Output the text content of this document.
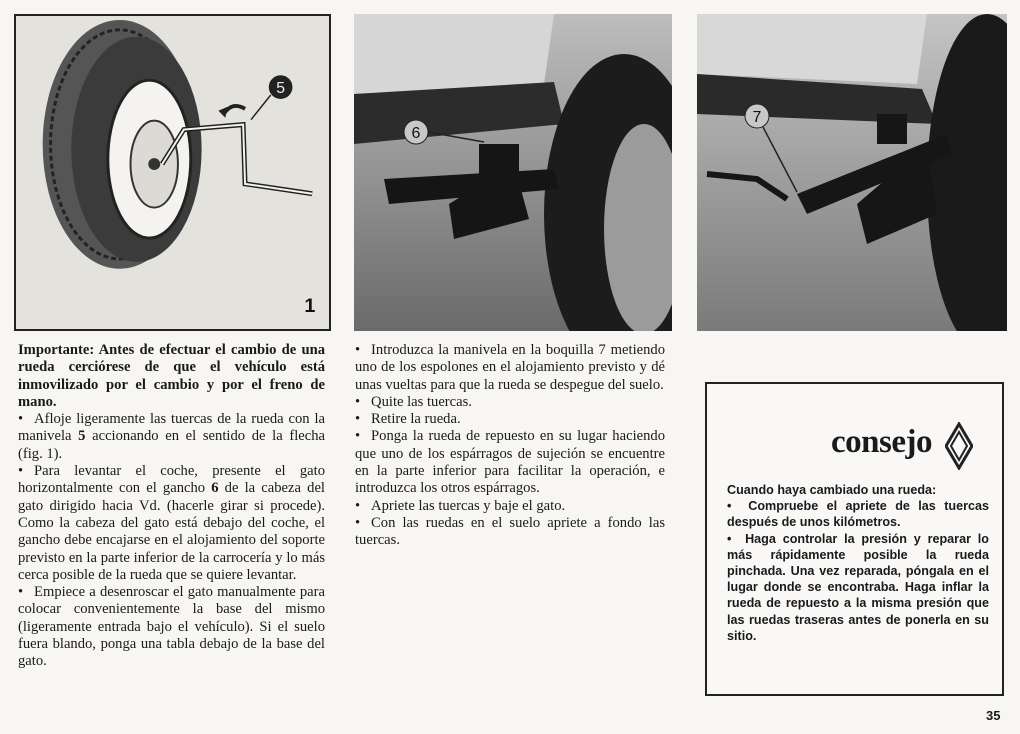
5
1
6
7

Importante: Antes de efectuar el cambio de una rueda cerciórese de que el vehículo está inmovilizado por el cambio y por el freno de mano.

• Afloje ligeramente las tuercas de la rueda con la manivela 5 accionando en el sentido de la flecha (fig. 1).

• Para levantar el coche, presente el gato horizontalmente con el gancho 6 de la cabeza del gato dirigido hacia Vd. (hacerle girar si procede). Como la cabeza del gato está debajo del coche, el gancho debe encajarse en el alojamiento del soporte previsto en la parte inferior de la carrocería y lo más cerca posible de la rueda que se quiere levantar.

• Empiece a desenroscar el gato manualmente para colocar convenientemente la base del mismo (ligeramente entrada bajo el vehículo). Si el suelo fuera blando, ponga una tabla debajo de la base del gato.

• Introduzca la manivela en la boquilla 7 metiendo uno de los espolones en el alojamiento previsto y dé unas vueltas para que la rueda se despegue del suelo.

• Quite las tuercas.

• Retire la rueda.

• Ponga la rueda de repuesto en su lugar haciendo que uno de los espárragos de sujeción se encuentre en la parte inferior para facilitar la operación, e introduzca los otros espárragos.

• Apriete las tuercas y baje el gato.

• Con las ruedas en el suelo apriete a fondo las tuercas.

consejo

Cuando haya cambiado una rueda:

• Compruebe el apriete de las tuercas después de unos kilómetros.

• Haga controlar la presión y reparar lo más rápidamente posible la rueda pinchada. Una vez reparada, póngala en el lugar donde se encontraba. Haga inflar la rueda de repuesto a la misma presión que las ruedas traseras antes de ponerla en su sitio.

35
